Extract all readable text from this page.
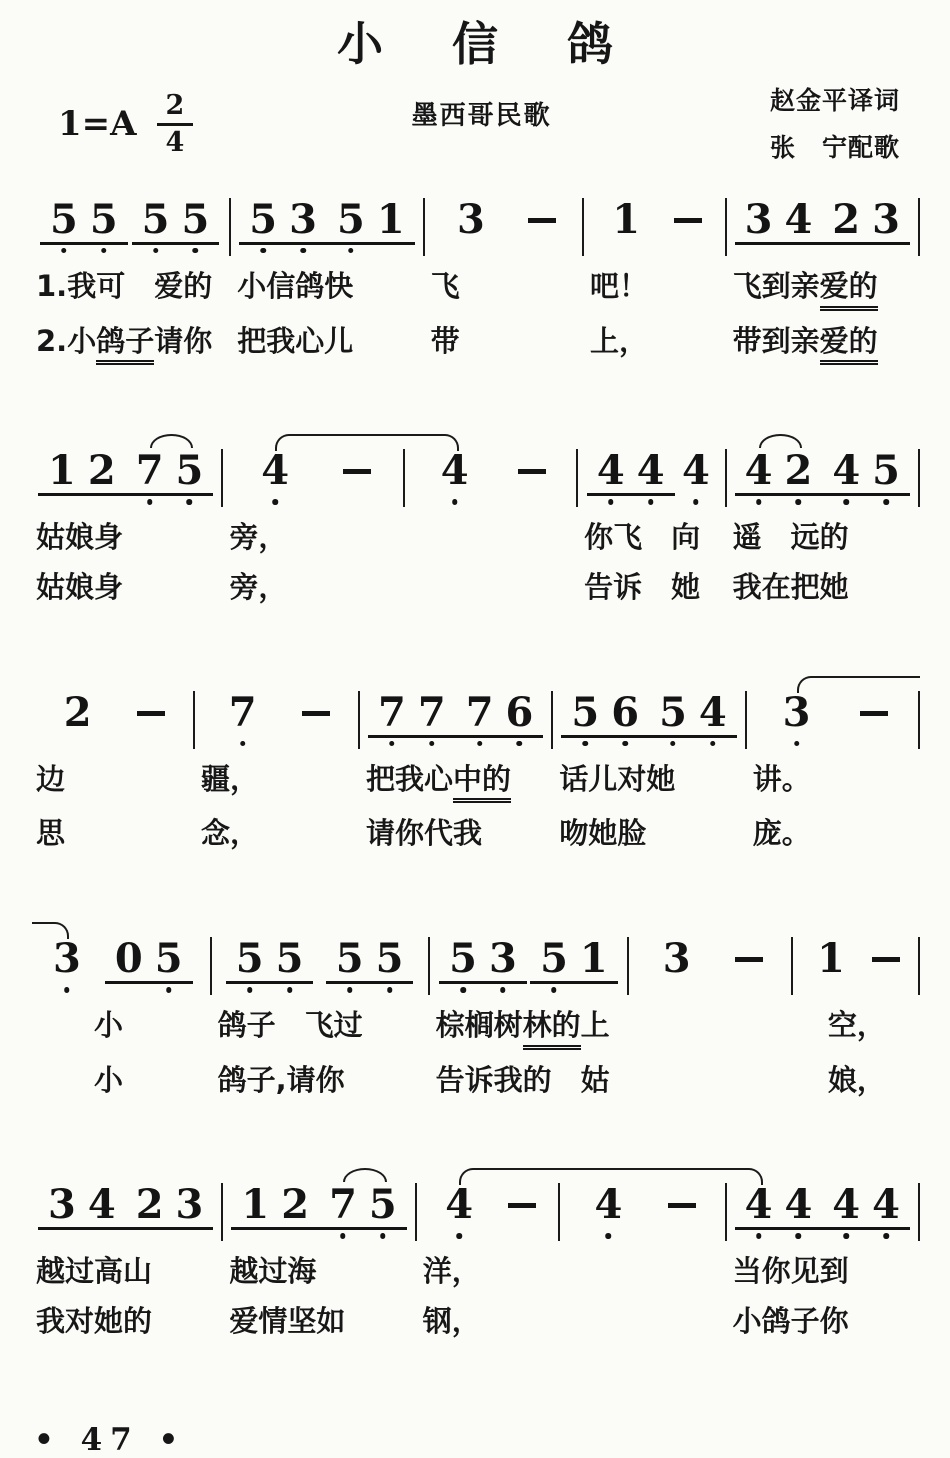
小信鸽
$1=A \frac{2}{4}$	墨西哥民歌
赵金平译词
张　宁配歌
5 5 5 5 5 3 5 1 3	1	3 4 2 3
1.我可　爱的 小信鸽快	飞	吧！	飞到亲爱的
2.小鸽子请你 把我心儿	带	上，	带到亲爱的
1 2 7 5 4	4	4 4 4 4 2 4 5
姑娘身	旁，	你飞　向	遥　远的
姑娘身	旁，	告诉　她	我在把她
2	7	7 7 7 6 5 6 5 4 3
边	疆，	把我心中的	话儿对她	讲。
思	念，	请你代我	吻她脸	庞。
3 0 5 5 5 5 5 5 3 5 1 3	1
小	鸽子　飞过	棕榈树林的上	空，
小	鸽子,请你	告诉我的　姑	娘，
3 4 2 3 1 2 7 5 4	4	4 4 4 4
越过高山	越过海	洋，	当你见到
我对她的	爱情坚如	钢，	小鸽子你
• 47 •
